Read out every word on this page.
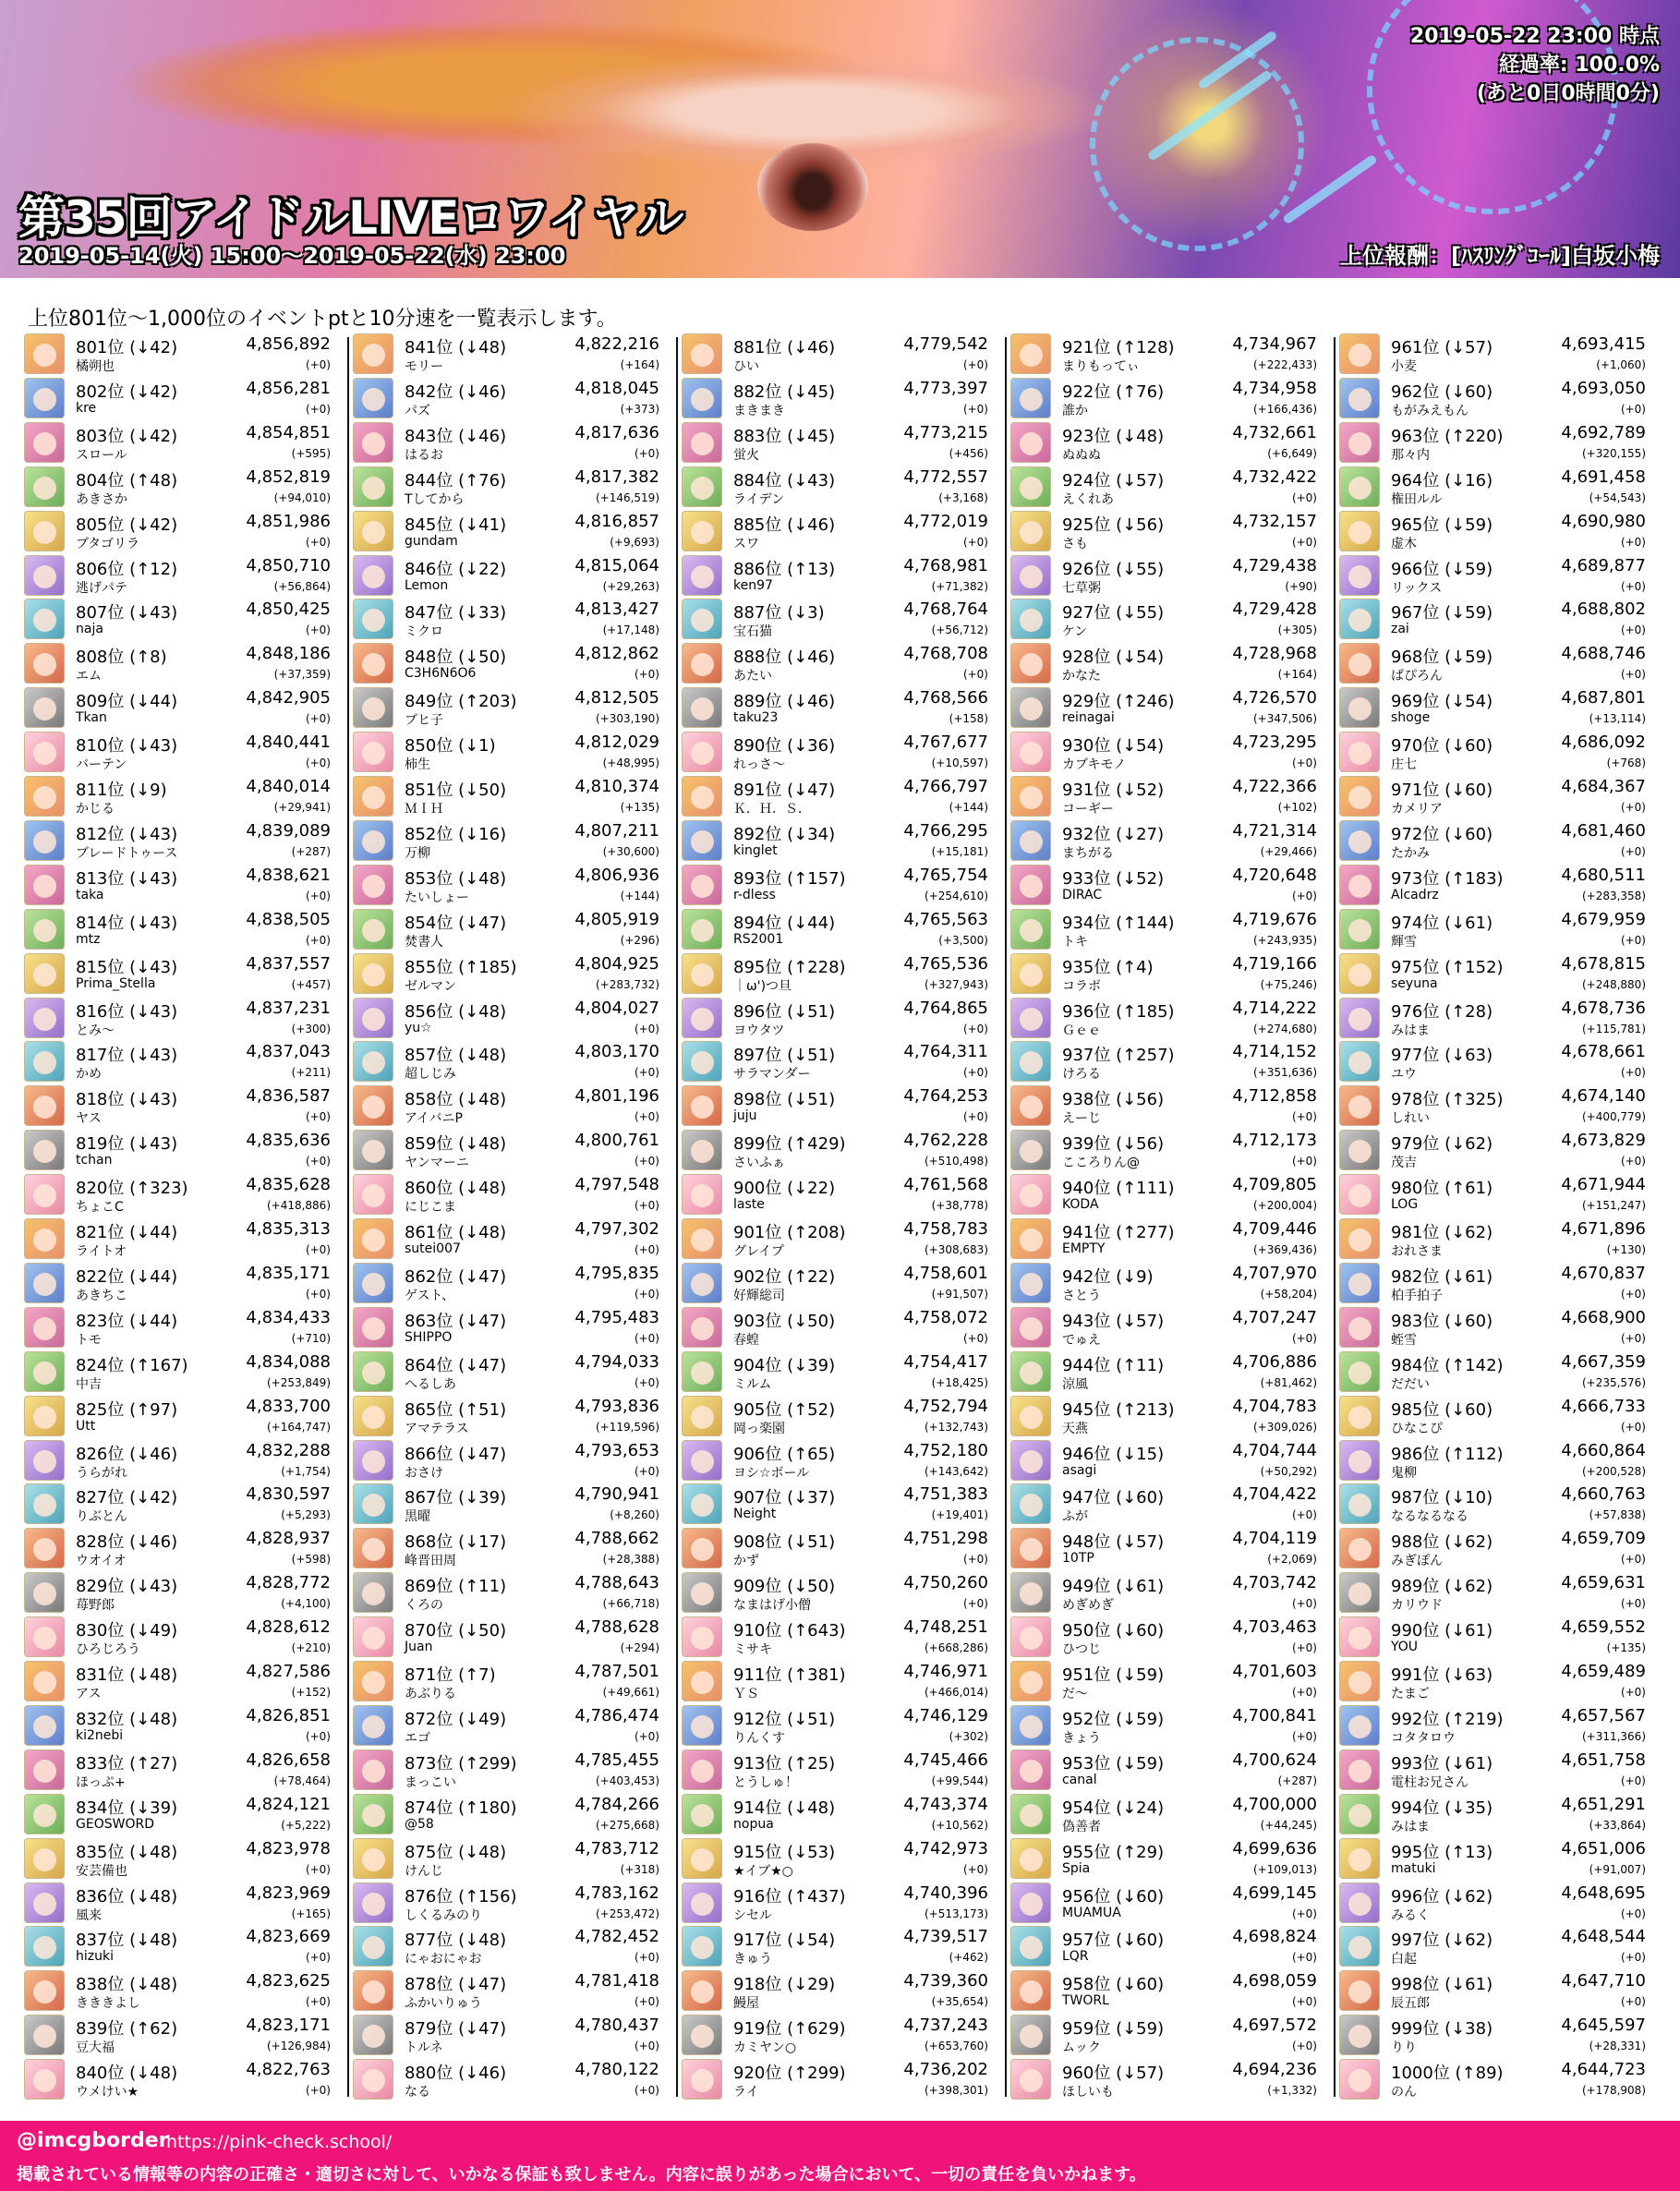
2019-05-22 23:00 時点
経過率: 100.0%
(あと0日0時間0分)
第35回アイドルLIVEロワイヤル
2019-05-14(火) 15:00～2019-05-22(水) 23:00	上位報酬：[ﾊｽﾘﾝｸﾞｺｰﾙ]白坂小梅
上位801位～1,000位のイベントptと10分速を一覧表示します。
801位 (↓42)
橘朔也
4,856,892
(+0)
802位 (↓42)
kre
4,856,281
(+0)
803位 (↓42)
スロール
4,854,851
(+595)
804位 (↑48)
あきさか
4,852,819
(+94,010)
805位 (↓42)
ブタゴリラ
4,851,986
(+0)
806位 (↑12)
逃げパテ
4,850,710
(+56,864)
807位 (↓43)
naja
4,850,425
(+0)
808位 (↑8)
エム
4,848,186
(+37,359)
809位 (↓44)
Tkan
4,842,905
(+0)
810位 (↓43)
バーテン
4,840,441
(+0)
811位 (↓9)
かじる
4,840,014
(+29,941)
812位 (↓43)
ブレードトゥース
4,839,089
(+287)
813位 (↓43)
taka
4,838,621
(+0)
814位 (↓43)
mtz
4,838,505
(+0)
815位 (↓43)
Prima_Stella
4,837,557
(+457)
816位 (↓43)
とみ～
4,837,231
(+300)
817位 (↓43)
かめ
4,837,043
(+211)
818位 (↓43)
ヤス
4,836,587
(+0)
819位 (↓43)
tchan
4,835,636
(+0)
820位 (↑323)
ちょこC
4,835,628
(+418,886)
821位 (↓44)
ライトオ
4,835,313
(+0)
822位 (↓44)
あきちこ
4,835,171
(+0)
823位 (↓44)
トモ
4,834,433
(+710)
824位 (↑167)
中吉
4,834,088
(+253,849)
825位 (↑97)
Utt
4,833,700
(+164,747)
826位 (↓46)
うらがれ
4,832,288
(+1,754)
827位 (↓42)
りぶとん
4,830,597
(+5,293)
828位 (↓46)
ウオイオ
4,828,937
(+598)
829位 (↓43)
苺野郎
4,828,772
(+4,100)
830位 (↓49)
ひろじろう
4,828,612
(+210)
831位 (↓48)
アス
4,827,586
(+152)
832位 (↓48)
ki2nebi
4,826,851
(+0)
833位 (↑27)
ほっぷ+
4,826,658
(+78,464)
834位 (↓39)
GEOSWORD
4,824,121
(+5,222)
835位 (↓48)
安芸備也
4,823,978
(+0)
836位 (↓48)
風来
4,823,969
(+165)
837位 (↓48)
hizuki
4,823,669
(+0)
838位 (↓48)
きききよし
4,823,625
(+0)
839位 (↑62)
豆大福
4,823,171
(+126,984)
840位 (↓48)
ウメけい★
4,822,763
(+0)
841位 (↓48)
モリー
4,822,216
(+164)
842位 (↓46)
パズ
4,818,045
(+373)
843位 (↓46)
はるお
4,817,636
(+0)
844位 (↑76)
Tしてから
4,817,382
(+146,519)
845位 (↓41)
gundam
4,816,857
(+9,693)
846位 (↓22)
Lemon
4,815,064
(+29,263)
847位 (↓33)
ミクロ
4,813,427
(+17,148)
848位 (↓50)
C3H6N6O6
4,812,862
(+0)
849位 (↑203)
ブヒ子
4,812,505
(+303,190)
850位 (↓1)
柿生
4,812,029
(+48,995)
851位 (↓50)
ＭＩＨ
4,810,374
(+135)
852位 (↓16)
万柳
4,807,211
(+30,600)
853位 (↓48)
たいしょー
4,806,936
(+144)
854位 (↓47)
焚書人
4,805,919
(+296)
855位 (↑185)
ゼルマン
4,804,925
(+283,732)
856位 (↓48)
yu☆
4,804,027
(+0)
857位 (↓48)
超しじみ
4,803,170
(+0)
858位 (↓48)
アイバニP
4,801,196
(+0)
859位 (↓48)
ヤンマーニ
4,800,761
(+0)
860位 (↓48)
にじこま
4,797,548
(+0)
861位 (↓48)
sutei007
4,797,302
(+0)
862位 (↓47)
ゲスト、
4,795,835
(+0)
863位 (↓47)
SHIPPO
4,795,483
(+0)
864位 (↓47)
へるしあ
4,794,033
(+0)
865位 (↑51)
アマテラス
4,793,836
(+119,596)
866位 (↓47)
おさけ
4,793,653
(+0)
867位 (↓39)
黒曜
4,790,941
(+8,260)
868位 (↓17)
峰晋田周
4,788,662
(+28,388)
869位 (↑11)
くろの
4,788,643
(+66,718)
870位 (↓50)
Juan
4,788,628
(+294)
871位 (↑7)
あぶりる
4,787,501
(+49,661)
872位 (↓49)
エゴ
4,786,474
(+0)
873位 (↑299)
まっこい
4,785,455
(+403,453)
874位 (↑180)
@58
4,784,266
(+275,668)
875位 (↓48)
けんじ
4,783,712
(+318)
876位 (↑156)
しくるみのり
4,783,162
(+253,472)
877位 (↓48)
にゃおにゃお
4,782,452
(+0)
878位 (↓47)
ふかいりゅう
4,781,418
(+0)
879位 (↓47)
トルネ
4,780,437
(+0)
880位 (↓46)
なる
4,780,122
(+0)
881位 (↓46)
ひい
4,779,542
(+0)
882位 (↓45)
まきまき
4,773,397
(+0)
883位 (↓45)
蛍火
4,773,215
(+456)
884位 (↓43)
ライデン
4,772,557
(+3,168)
885位 (↓46)
スワ
4,772,019
(+0)
886位 (↑13)
ken97
4,768,981
(+71,382)
887位 (↓3)
宝石猫
4,768,764
(+56,712)
888位 (↓46)
あたい
4,768,708
(+0)
889位 (↓46)
taku23
4,768,566
(+158)
890位 (↓36)
れっさ～
4,767,677
(+10,597)
891位 (↓47)
Ｋ．Ｈ．Ｓ．
4,766,797
(+144)
892位 (↓34)
kinglet
4,766,295
(+15,181)
893位 (↑157)
r-dless
4,765,754
(+254,610)
894位 (↓44)
RS2001
4,765,563
(+3,500)
895位 (↑228)
｜ω')つ旦
4,765,536
(+327,943)
896位 (↓51)
ヨウタツ
4,764,865
(+0)
897位 (↓51)
サラマンダー
4,764,311
(+0)
898位 (↓51)
juju
4,764,253
(+0)
899位 (↑429)
さいふぁ
4,762,228
(+510,498)
900位 (↓22)
laste
4,761,568
(+38,778)
901位 (↑208)
グレイプ
4,758,783
(+308,683)
902位 (↑22)
好輝総司
4,758,601
(+91,507)
903位 (↓50)
春蝗
4,758,072
(+0)
904位 (↓39)
ミルム
4,754,417
(+18,425)
905位 (↑52)
岡っ楽園
4,752,794
(+132,743)
906位 (↑65)
ヨシ☆ボール
4,752,180
(+143,642)
907位 (↓37)
Neight
4,751,383
(+19,401)
908位 (↓51)
かず
4,751,298
(+0)
909位 (↓50)
なまはげ小僧
4,750,260
(+0)
910位 (↑643)
ミサキ
4,748,251
(+668,286)
911位 (↑381)
ＹＳ
4,746,971
(+466,014)
912位 (↓51)
りんくす
4,746,129
(+302)
913位 (↑25)
とうしゅ！
4,745,466
(+99,544)
914位 (↓48)
nopua
4,743,374
(+10,562)
915位 (↓53)
★イブ★○
4,742,973
(+0)
916位 (↑437)
シセル
4,740,396
(+513,173)
917位 (↓54)
きゅう
4,739,517
(+462)
918位 (↓29)
鰻屋
4,739,360
(+35,654)
919位 (↑629)
カミヤン○
4,737,243
(+653,760)
920位 (↑299)
ライ
4,736,202
(+398,301)
921位 (↑128)
まりもってぃ
4,734,967
(+222,433)
922位 (↑76)
誰か
4,734,958
(+166,436)
923位 (↓48)
ぬぬぬ
4,732,661
(+6,649)
924位 (↓57)
えくれあ
4,732,422
(+0)
925位 (↓56)
さも
4,732,157
(+0)
926位 (↓55)
七草粥
4,729,438
(+90)
927位 (↓55)
ケン
4,729,428
(+305)
928位 (↓54)
かなた
4,728,968
(+164)
929位 (↑246)
reinagai
4,726,570
(+347,506)
930位 (↓54)
カブキモノ
4,723,295
(+0)
931位 (↓52)
コーギー
4,722,366
(+102)
932位 (↓27)
まちがる
4,721,314
(+29,466)
933位 (↓52)
DIRAC
4,720,648
(+0)
934位 (↑144)
トキ
4,719,676
(+243,935)
935位 (↑4)
コラボ
4,719,166
(+75,246)
936位 (↑185)
Ｇｅｅ
4,714,222
(+274,680)
937位 (↑257)
けろる
4,714,152
(+351,636)
938位 (↓56)
えーじ
4,712,858
(+0)
939位 (↓56)
こころりん@
4,712,173
(+0)
940位 (↑111)
KODA
4,709,805
(+200,004)
941位 (↑277)
EMPTY
4,709,446
(+369,436)
942位 (↓9)
さとう
4,707,970
(+58,204)
943位 (↓57)
でゅえ
4,707,247
(+0)
944位 (↑11)
涼風
4,706,886
(+81,462)
945位 (↑213)
天燕
4,704,783
(+309,026)
946位 (↓15)
asagi
4,704,744
(+50,292)
947位 (↓60)
ふが
4,704,422
(+0)
948位 (↓57)
10TP
4,704,119
(+2,069)
949位 (↓61)
めぎめぎ
4,703,742
(+0)
950位 (↓60)
ひつじ
4,703,463
(+0)
951位 (↓59)
だ～
4,701,603
(+0)
952位 (↓59)
きょう
4,700,841
(+0)
953位 (↓59)
canal
4,700,624
(+287)
954位 (↓24)
偽善者
4,700,000
(+44,245)
955位 (↑29)
Spia
4,699,636
(+109,013)
956位 (↓60)
MUAMUA
4,699,145
(+0)
957位 (↓60)
LQR
4,698,824
(+0)
958位 (↓60)
TWORL
4,698,059
(+0)
959位 (↓59)
ムック
4,697,572
(+0)
960位 (↓57)
ほしいも
4,694,236
(+1,332)
961位 (↓57)
小麦
4,693,415
(+1,060)
962位 (↓60)
もがみえもん
4,693,050
(+0)
963位 (↑220)
那々内
4,692,789
(+320,155)
964位 (↓16)
権田ルル
4,691,458
(+54,543)
965位 (↓59)
虚木
4,690,980
(+0)
966位 (↓59)
リックス
4,689,877
(+0)
967位 (↓59)
zai
4,688,802
(+0)
968位 (↓59)
ぱぴろん
4,688,746
(+0)
969位 (↓54)
shoge
4,687,801
(+13,114)
970位 (↓60)
庄七
4,686,092
(+768)
971位 (↓60)
カメリア
4,684,367
(+0)
972位 (↓60)
たかみ
4,681,460
(+0)
973位 (↑183)
Alcadrz
4,680,511
(+283,358)
974位 (↓61)
輝雪
4,679,959
(+0)
975位 (↑152)
seyuna
4,678,815
(+248,880)
976位 (↑28)
みはま
4,678,736
(+115,781)
977位 (↓63)
ユウ
4,678,661
(+0)
978位 (↑325)
しれい
4,674,140
(+400,779)
979位 (↓62)
茂吉
4,673,829
(+0)
980位 (↑61)
LOG
4,671,944
(+151,247)
981位 (↓62)
おれさま
4,671,896
(+130)
982位 (↓61)
柏手拍子
4,670,837
(+0)
983位 (↓60)
蛭雪
4,668,900
(+0)
984位 (↑142)
だだい
4,667,359
(+235,576)
985位 (↓60)
ひなこぴ
4,666,733
(+0)
986位 (↑112)
鬼柳
4,660,864
(+200,528)
987位 (↓10)
なるなるなる
4,660,763
(+57,838)
988位 (↓62)
みぎぽん
4,659,709
(+0)
989位 (↓62)
カリウド
4,659,631
(+0)
990位 (↓61)
YOU
4,659,552
(+135)
991位 (↓63)
たまご
4,659,489
(+0)
992位 (↑219)
コタタロウ
4,657,567
(+311,366)
993位 (↓61)
電柱お兄さん
4,651,758
(+0)
994位 (↓35)
みはま
4,651,291
(+33,864)
995位 (↑13)
matuki
4,651,006
(+91,007)
996位 (↓62)
みるく
4,648,695
(+0)
997位 (↓62)
白起
4,648,544
(+0)
998位 (↓61)
辰五郎
4,647,710
(+0)
999位 (↓38)
りり
4,645,597
(+28,331)
1000位 (↑89)
のん
4,644,723
(+178,908)
@imcgborder
https://pink-check.school/
掲載されている情報等の内容の正確さ・適切さに対して、いかなる保証も致しません。内容に誤りがあった場合において、一切の責任を負いかねます。
